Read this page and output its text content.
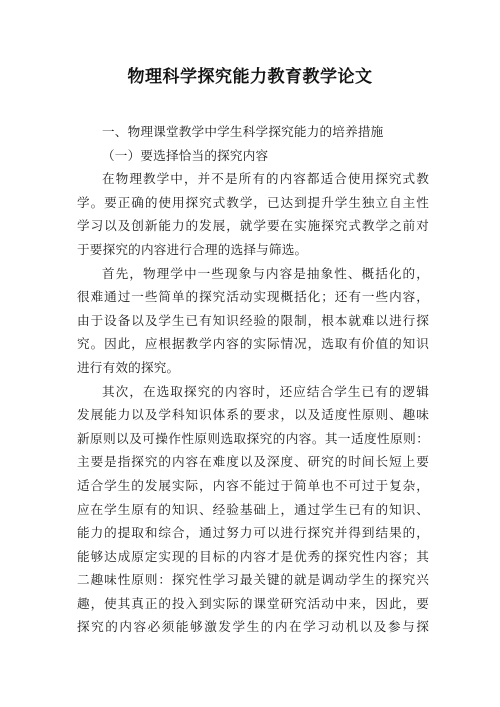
物理科学探究能力教育教学论文
一、物理课堂教学中学生科学探究能力的培养措施
（一）要选择恰当的探究内容
在物理教学中，并不是所有的内容都适合使用探究式教
学。要正确的使用探究式教学，已达到提升学生独立自主性
学习以及创新能力的发展，就学要在实施探究式教学之前对
于要探究的内容进行合理的选择与筛选。
首先，物理学中一些现象与内容是抽象性、概括化的，
很难通过一些简单的探究活动实现概括化；还有一些内容，
由于设备以及学生已有知识经验的限制，根本就难以进行探
究。因此，应根据教学内容的实际情况，选取有价值的知识
进行有效的探究。
其次，在选取探究的内容时，还应结合学生已有的逻辑
发展能力以及学科知识体系的要求，以及适度性原则、趣味
新原则以及可操作性原则选取探究的内容。其一适度性原则：
主要是指探究的内容在难度以及深度、研究的时间长短上要
适合学生的发展实际，内容不能过于简单也不可过于复杂，
应在学生原有的知识、经验基础上，通过学生已有的知识、
能力的提取和综合，通过努力可以进行探究并得到结果的，
能够达成原定实现的目标的内容才是优秀的探究性内容；其
二趣味性原则：探究性学习最关键的就是调动学生的探究兴
趣，使其真正的投入到实际的课堂研究活动中来，因此，要
探究的内容必须能够激发学生的内在学习动机以及参与探
